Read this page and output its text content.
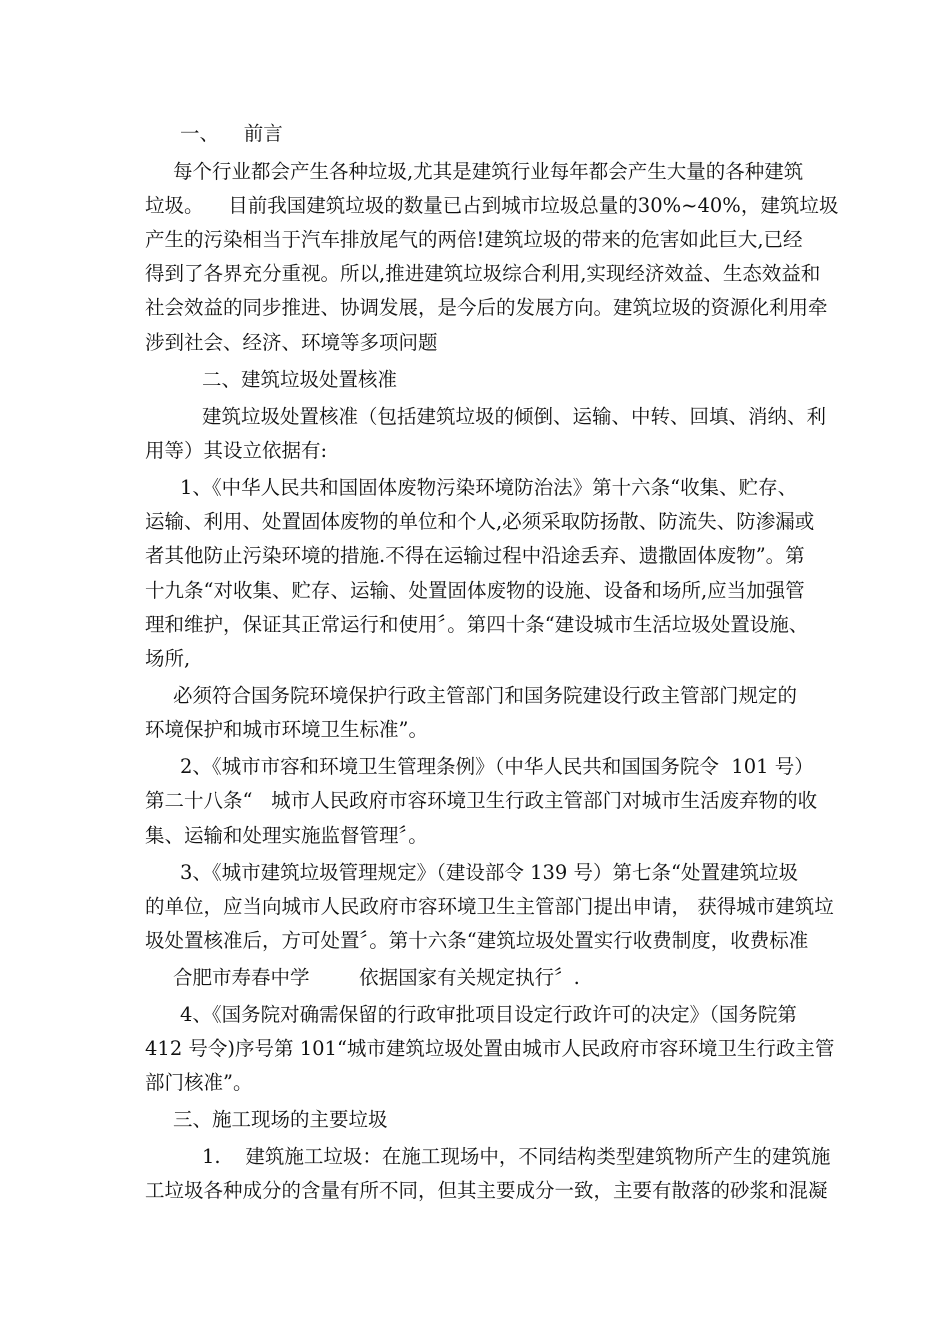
一、    前言
每个行业都会产生各种垃圾,尤其是建筑行业每年都会产生大量的各种建筑
垃圾。    目前我国建筑垃圾的数量已占到城市垃圾总量的30%~40%，建筑垃圾
产生的污染相当于汽车排放尾气的两倍!建筑垃圾的带来的危害如此巨大,已经
得到了各界充分重视。所以,推进建筑垃圾综合利用,实现经济效益、生态效益和
社会效益的同步推进、协调发展，是今后的发展方向。建筑垃圾的资源化利用牵
涉到社会、经济、环境等多项问题
二、建筑垃圾处置核准
建筑垃圾处置核准（包括建筑垃圾的倾倒、运输、中转、回填、消纳、利
用等）其设立依据有:
1、《中华人民共和国固体废物污染环境防治法》第十六条“收集、贮存、
运输、利用、处置固体废物的单位和个人,必须采取防扬散、防流失、防渗漏或
者其他防止污染环境的措施.不得在运输过程中沿途丢弃、遗撒固体废物”。第
十九条“对收集、贮存、运输、处置固体废物的设施、设备和场所,应当加强管
理和维护，保证其正常运行和使用〞。第四十条“建设城市生活垃圾处置设施、
场所,
必须符合国务院环境保护行政主管部门和国务院建设行政主管部门规定的
环境保护和城市环境卫生标准”。
2、《城市市容和环境卫生管理条例》（中华人民共和国国务院令  101 号）
第二十八条“   城市人民政府市容环境卫生行政主管部门对城市生活废弃物的收
集、运输和处理实施监督管理〞。
3、《城市建筑垃圾管理规定》（建设部令 139 号）第七条“处置建筑垃圾
的单位，应当向城市人民政府市容环境卫生主管部门提出申请， 获得城市建筑垃
圾处置核准后，方可处置〞。第十六条“建筑垃圾处置实行收费制度，收费标准
合肥市寿春中学        依据国家有关规定执行〞.
4、《国务院对确需保留的行政审批项目设定行政许可的决定》（国务院第
412 号令)序号第 101“城市建筑垃圾处置由城市人民政府市容环境卫生行政主管
部门核准”。
三、施工现场的主要垃圾
1.    建筑施工垃圾：在施工现场中，不同结构类型建筑物所产生的建筑施
工垃圾各种成分的含量有所不同，但其主要成分一致，主要有散落的砂浆和混凝
